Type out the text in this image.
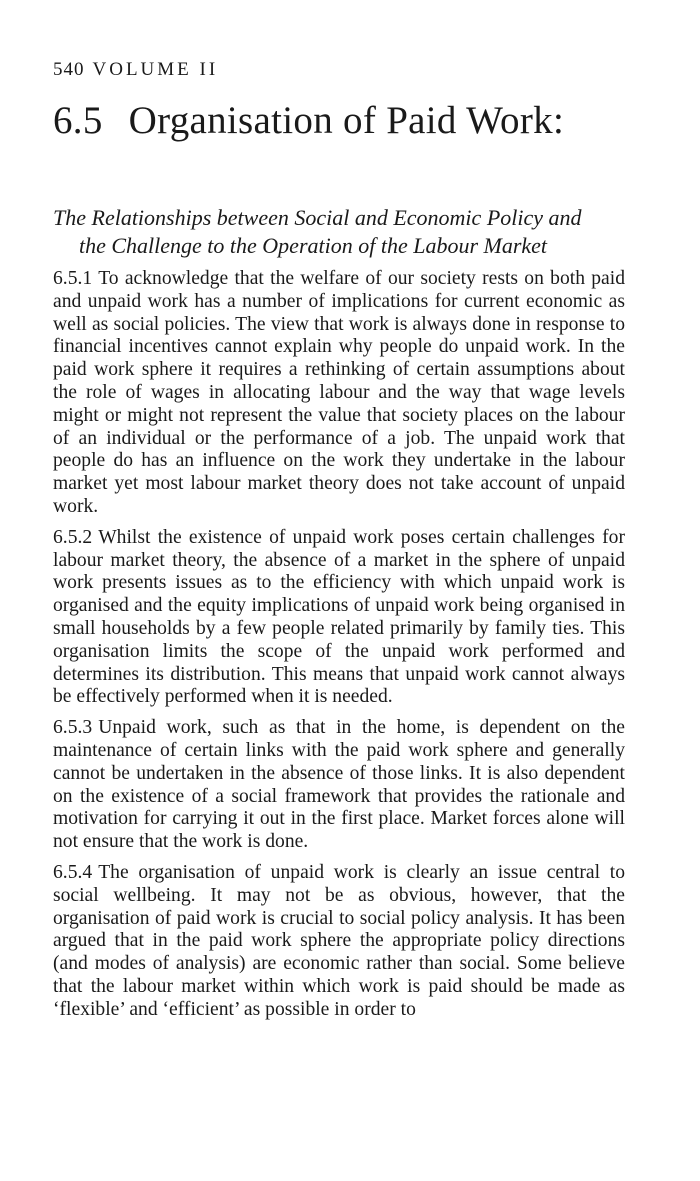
540 VOLUME II
6.5 Organisation of Paid Work:
The Relationships between Social and Economic Policy and
the Challenge to the Operation of the Labour Market

6.5.1 To acknowledge that the welfare of our society rests on both paid and unpaid work has a number of implications for current economic as well as social policies. The view that work is always done in response to financial incentives cannot explain why people do unpaid work. In the paid work sphere it requires a rethinking of certain assumptions about the role of wages in allocating labour and the way that wage levels might or might not represent the value that society places on the labour of an individual or the performance of a job. The unpaid work that people do has an influence on the work they undertake in the labour market yet most labour market theory does not take account of unpaid work.

6.5.2 Whilst the existence of unpaid work poses certain challenges for labour market theory, the absence of a market in the sphere of unpaid work presents issues as to the efficiency with which unpaid work is organised and the equity implications of unpaid work being organised in small households by a few people related primarily by family ties. This organisation limits the scope of the unpaid work performed and determines its distribution. This means that unpaid work cannot always be effectively performed when it is needed.

6.5.3 Unpaid work, such as that in the home, is dependent on the maintenance of certain links with the paid work sphere and generally cannot be undertaken in the absence of those links. It is also dependent on the existence of a social framework that provides the rationale and motivation for carrying it out in the first place. Market forces alone will not ensure that the work is done.

6.5.4 The organisation of unpaid work is clearly an issue central to social wellbeing. It may not be as obvious, however, that the organisation of paid work is crucial to social policy analysis. It has been argued that in the paid work sphere the appropriate policy directions (and modes of analysis) are economic rather than social. Some believe that the labour market within which work is paid should be made as ‘flexible’ and ‘efficient’ as possible in order to
